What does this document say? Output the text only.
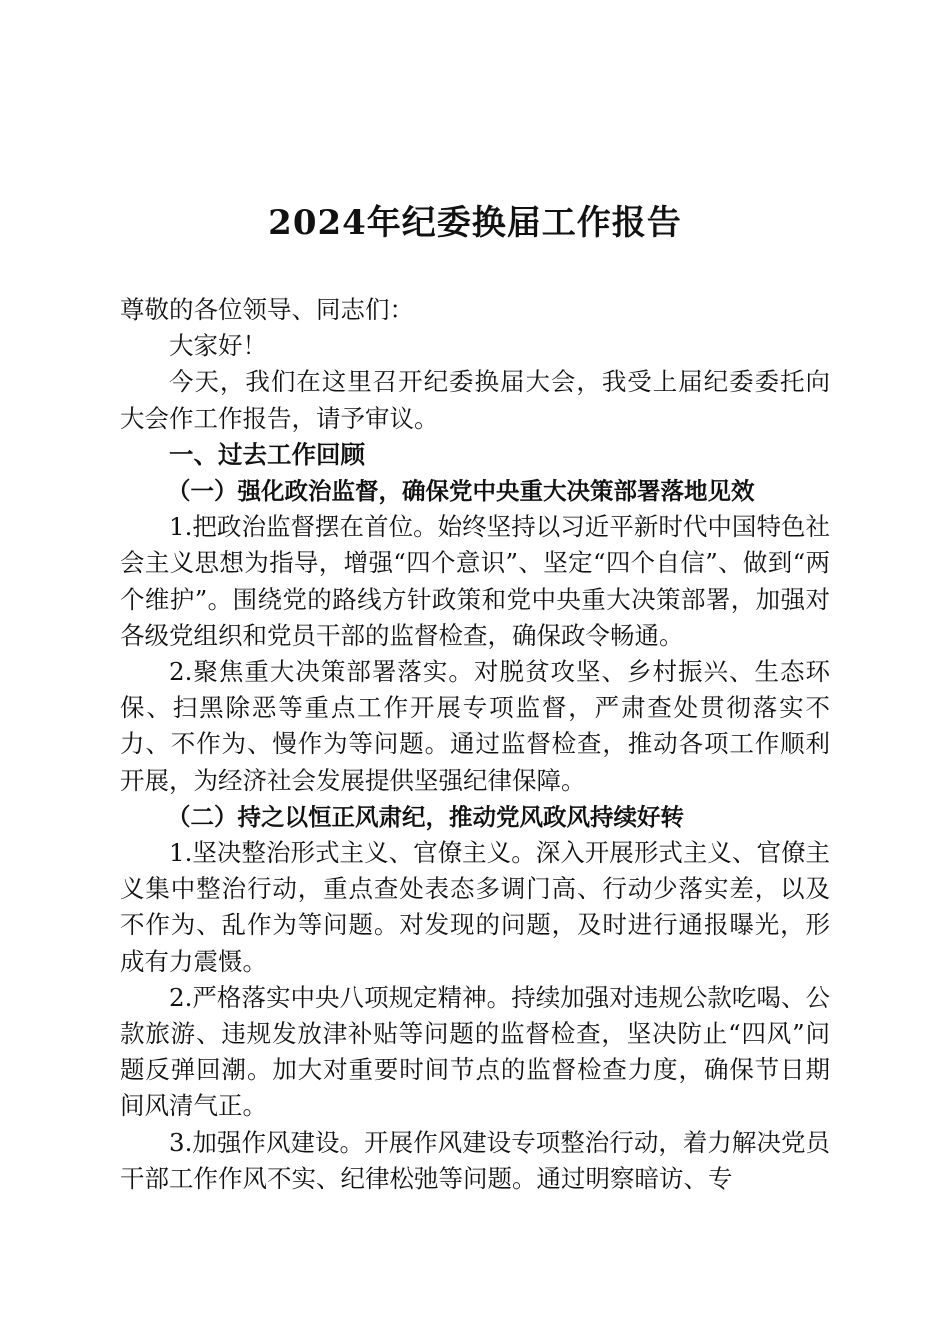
2024年纪委换届工作报告

尊敬的各位领导、同志们：

大家好！

今天，我们在这里召开纪委换届大会，我受上届纪委委托向大会作工作报告，请予审议。

一、过去工作回顾

（一）强化政治监督，确保党中央重大决策部署落地见效

1.把政治监督摆在首位。始终坚持以习近平新时代中国特色社会主义思想为指导，增强“四个意识”、坚定“四个自信”、做到“两个维护”。围绕党的路线方针政策和党中央重大决策部署，加强对各级党组织和党员干部的监督检查，确保政令畅通。

2.聚焦重大决策部署落实。对脱贫攻坚、乡村振兴、生态环保、扫黑除恶等重点工作开展专项监督，严肃查处贯彻落实不力、不作为、慢作为等问题。通过监督检查，推动各项工作顺利开展，为经济社会发展提供坚强纪律保障。

（二）持之以恒正风肃纪，推动党风政风持续好转

1.坚决整治形式主义、官僚主义。深入开展形式主义、官僚主义集中整治行动，重点查处表态多调门高、行动少落实差，以及不作为、乱作为等问题。对发现的问题，及时进行通报曝光，形成有力震慑。

2.严格落实中央八项规定精神。持续加强对违规公款吃喝、公款旅游、违规发放津补贴等问题的监督检查，坚决防止“四风”问题反弹回潮。加大对重要时间节点的监督检查力度，确保节日期间风清气正。

3.加强作风建设。开展作风建设专项整治行动，着力解决党员干部工作作风不实、纪律松弛等问题。通过明察暗访、专
